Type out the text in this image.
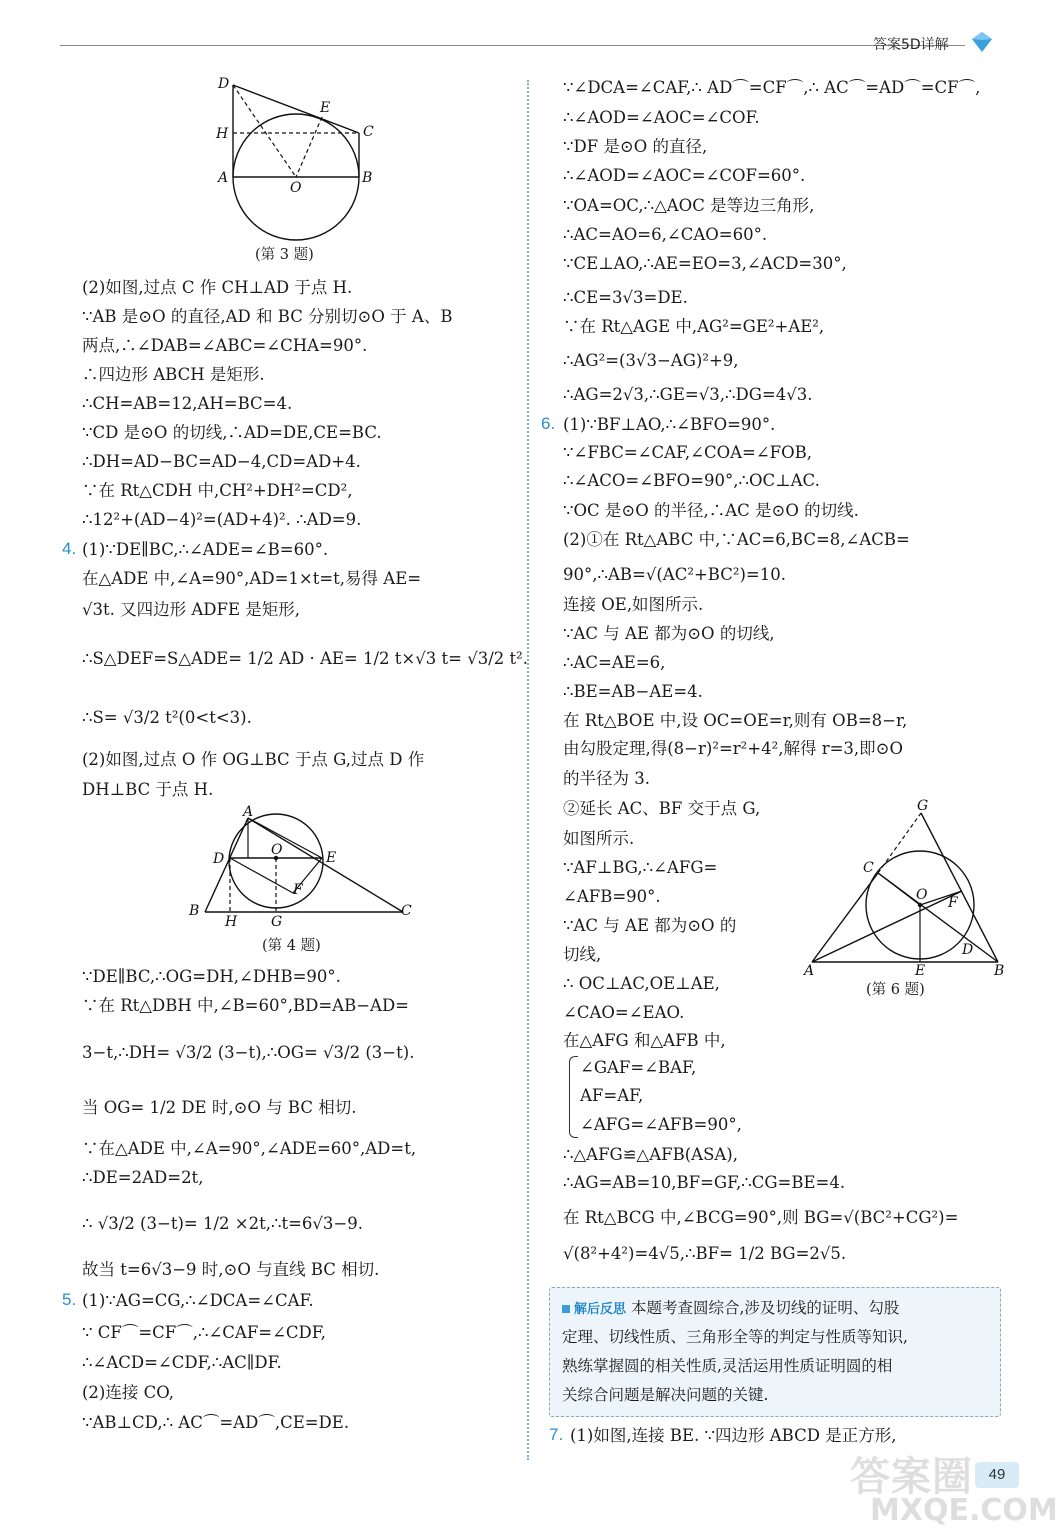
答案5D详解
D
E
H	C
A
O
B
(第 3 题)
(2)如图,过点 C 作 CH⊥AD 于点 H.
∵AB 是⊙O 的直径,AD 和 BC 分别切⊙O 于 A、B
两点,∴∠DAB=∠ABC=∠CHA=90°.
∴四边形 ABCH 是矩形.
∴CH=AB=12,AH=BC=4.
∵CD 是⊙O 的切线,∴AD=DE,CE=BC.
∴DH=AD−BC=AD−4,CD=AD+4.
∵在 Rt△CDH 中,CH²+DH²=CD²,
∴12²+(AD−4)²=(AD+4)². ∴AD=9.
4. (1)∵DE∥BC,∴∠ADE=∠B=60°.
在△ADE 中,∠A=90°,AD=1×t=t,易得 AE=
√3t. 又四边形 ADFE 是矩形,
∴S△DEF=S△ADE= 1/2 AD · AE= 1/2 t×√3 t= √3/2 t².
∴S= √3/2 t²(0<t<3).
(2)如图,过点 O 作 OG⊥BC 于点 G,过点 D 作
DH⊥BC 于点 H.
A
D
O	E
F
B
H G
C
(第 4 题)
∵DE∥BC,∴OG=DH,∠DHB=90°.
∵在 Rt△DBH 中,∠B=60°,BD=AB−AD=
3−t,∴DH= √3/2 (3−t),∴OG= √3/2 (3−t).
当 OG= 1/2 DE 时,⊙O 与 BC 相切.
∵在△ADE 中,∠A=90°,∠ADE=60°,AD=t,
∴DE=2AD=2t,
∴ √3/2 (3−t)= 1/2 ×2t,∴t=6√3−9.
故当 t=6√3−9 时,⊙O 与直线 BC 相切.
5. (1)∵AG=CG,∴∠DCA=∠CAF.
∵ CF⌒=CF⌒,∴∠CAF=∠CDF,
∴∠ACD=∠CDF,∴AC∥DF.
(2)连接 CO,
∵AB⊥CD,∴ AC⌒=AD⌒,CE=DE.
∵∠DCA=∠CAF,∴ AD⌒=CF⌒,∴ AC⌒=AD⌒=CF⌒,
∴∠AOD=∠AOC=∠COF.
∵DF 是⊙O 的直径,
∴∠AOD=∠AOC=∠COF=60°.
∵OA=OC,∴△AOC 是等边三角形,
∴AC=AO=6,∠CAO=60°.
∵CE⊥AO,∴AE=EO=3,∠ACD=30°,
∴CE=3√3=DE.
∵在 Rt△AGE 中,AG²=GE²+AE²,
∴AG²=(3√3−AG)²+9,
∴AG=2√3,∴GE=√3,∴DG=4√3.
6. (1)∵BF⊥AO,∴∠BFO=90°.
∵∠FBC=∠CAF,∠COA=∠FOB,
∴∠ACO=∠BFO=90°,∴OC⊥AC.
∵OC 是⊙O 的半径,∴AC 是⊙O 的切线.
(2)①在 Rt△ABC 中,∵AC=6,BC=8,∠ACB=
90°,∴AB=√(AC²+BC²)=10.
连接 OE,如图所示.
∵AC 与 AE 都为⊙O 的切线,
∴AC=AE=6,
∴BE=AB−AE=4.
在 Rt△BOE 中,设 OC=OE=r,则有 OB=8−r,
由勾股定理,得(8−r)²=r²+4²,解得 r=3,即⊙O
的半径为 3.
②延长 AC、BF 交于点 G,
如图所示.
∵AF⊥BG,∴∠AFG=
∠AFB=90°.
∵AC 与 AE 都为⊙O 的
切线,
∴ OC⊥AC,OE⊥AE,
∠CAO=∠EAO.
在△AFG 和△AFB 中,
∠GAF=∠BAF,
AF=AF,
∠AFG=∠AFB=90°,
∴△AFG≌△AFB(ASA),
∴AG=AB=10,BF=GF,∴CG=BE=4.
在 Rt△BCG 中,∠BCG=90°,则 BG=√(BC²+CG²)=
√(8²+4²)=4√5,∴BF= 1/2 BG=2√5.
G
C
O F
D
A	E	B
(第 6 题)
解后反思 本题考查圆综合,涉及切线的证明、勾股
定理、切线性质、三角形全等的判定与性质等知识,
熟练掌握圆的相关性质,灵活运用性质证明圆的相
关综合问题是解决问题的关键.
7. (1)如图,连接 BE. ∵四边形 ABCD 是正方形,
答案圈
MXQE.COM
49
